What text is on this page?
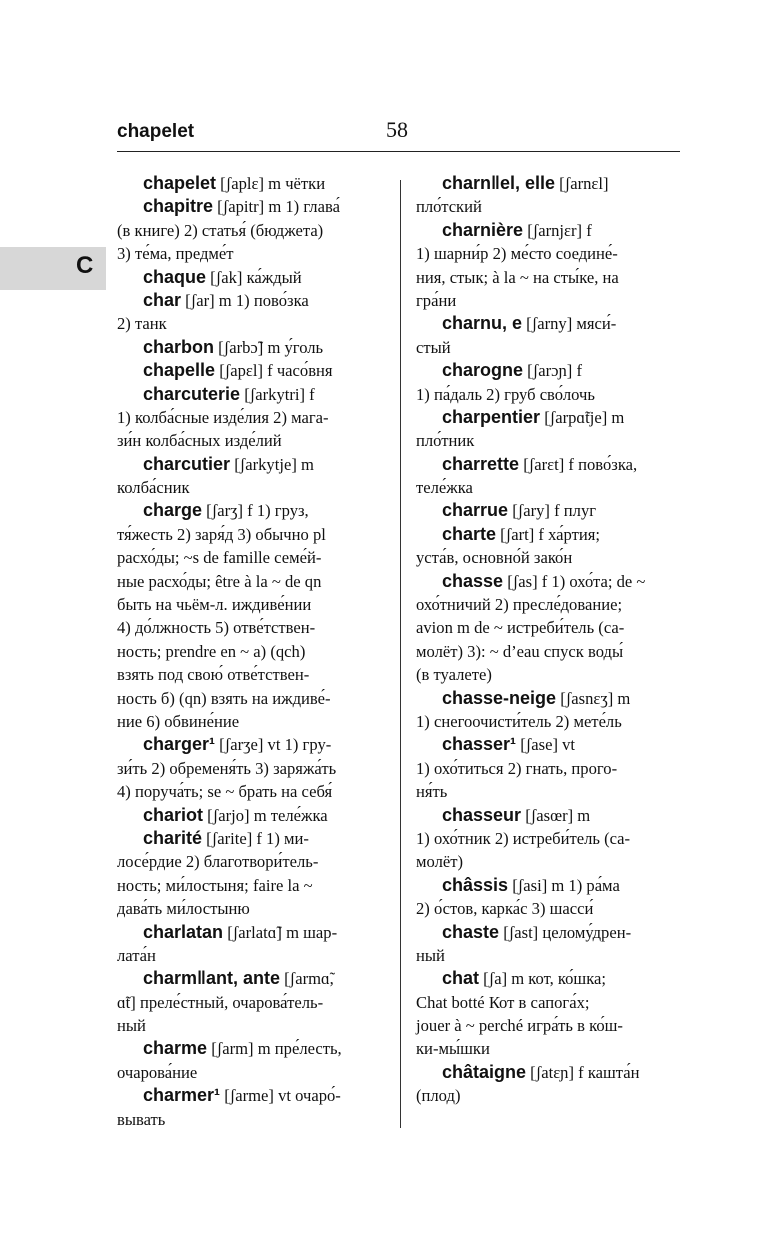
chapelet	58
C
chapelet [ʃaplɛ] m чётки
chapitre [ʃapitr] m 1) глава́
(в книге) 2) статья́ (бюджета)
3) те́ма, предме́т
chaque [ʃak] ка́ждый
char [ʃar] m 1) пово́зка
2) танк
charbon [ʃarbɔ̃] m у́голь
chapelle [ʃapɛl] f часо́вня
charcuterie [ʃarkytri] f
1) колба́сные изде́лия 2) мага-
зи́н колба́сных изде́лий
charcutier [ʃarkytje] m
колба́сник
charge [ʃarʒ] f 1) груз,
тя́жесть 2) заря́д 3) обычно pl
расхо́ды; ~s de famille семе́й-
ные расхо́ды; être à la ~ de qn
быть на чьём-л. иждиве́нии
4) до́лжность 5) отве́тствен-
ность; prendre en ~ а) (qch)
взять под свою́ отве́тствен-
ность б) (qn) взять на иждиве́-
ние 6) обвине́ние
charger¹ [ʃarʒe] vt 1) гру-
зи́ть 2) обременя́ть 3) заряжа́ть
4) поруча́ть; se ~ брать на себя́
chariot [ʃarjo] m теле́жка
charité [ʃarite] f 1) ми-
лосе́рдие 2) благотвори́тель-
ность; ми́лостыня; faire la ~
дава́ть ми́лостыню
charlatan [ʃarlatɑ̃] m шар-
лата́н
charm‖ant, ante [ʃarmɑ̃,
ɑ̃t] преле́стный, очарова́тель-
ный
charme [ʃarm] m пре́лесть,
очарова́ние
charmer¹ [ʃarme] vt очаро́-
вывать
charn‖el, elle [ʃarnɛl]
пло́тский
charnière [ʃarnjɛr] f
1) шарни́р 2) ме́сто соедине́-
ния, стык; à la ~ на сты́ке, на
гра́ни
charnu, e [ʃarny] мяси́-
стый
charogne [ʃarɔɲ] f
1) па́даль 2) груб сво́лочь
charpentier [ʃarpɑ̃tje] m
пло́тник
charrette [ʃarɛt] f пово́зка,
теле́жка
charrue [ʃary] f плуг
charte [ʃart] f ха́ртия;
уста́в, основно́й зако́н
chasse [ʃas] f 1) охо́та; de ~
охо́тничий 2) пресле́дование;
avion m de ~ истреби́тель (са-
молёт) 3): ~ d’eau спуск воды́
(в туалете)
chasse-neige [ʃasnɛʒ] m
1) снегоочисти́тель 2) мете́ль
chasser¹ [ʃase] vt
1) охо́титься 2) гнать, прого-
ня́ть
chasseur [ʃasœr] m
1) охо́тник 2) истреби́тель (са-
молёт)
châssis [ʃasi] m 1) ра́ма
2) о́стов, карка́с 3) шасси́
chaste [ʃast] целому́дрен-
ный
chat [ʃa] m кот, ко́шка;
Chat botté Кот в сапога́х;
jouer à ~ perché игра́ть в ко́ш-
ки-мы́шки
châtaigne [ʃatɛɲ] f кашта́н
(плод)
